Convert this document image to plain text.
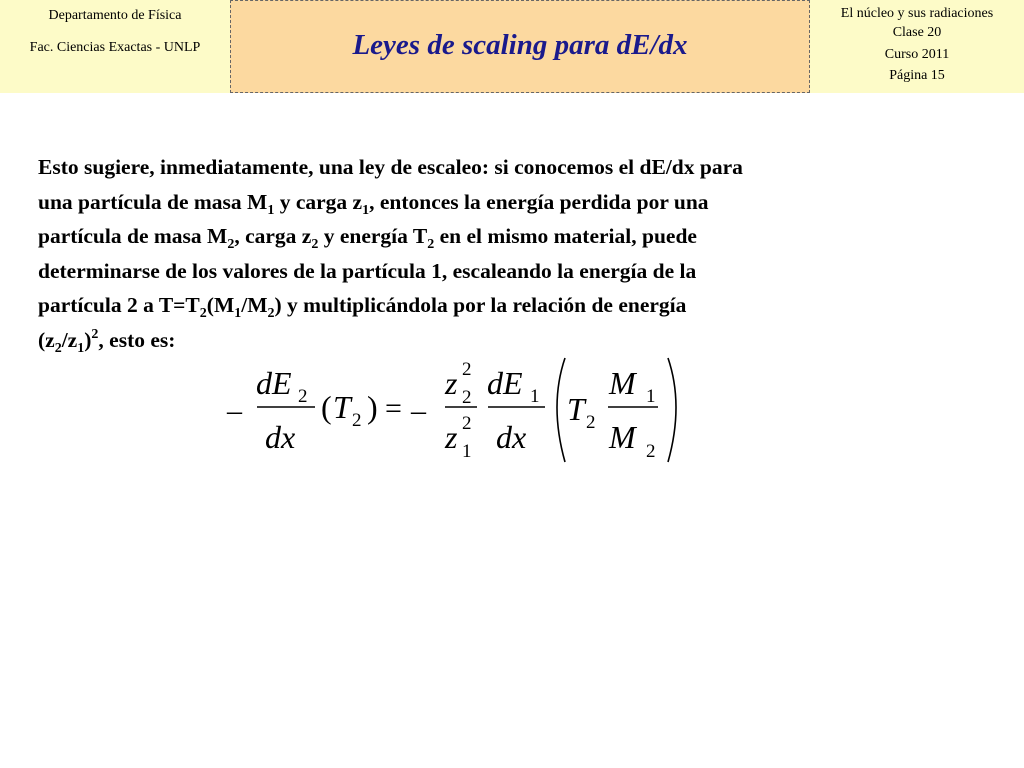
Departamento de Física
Fac. Ciencias Exactas - UNLP	Leyes de scaling para dE/dx
El núcleo y sus radiaciones
Clase 20
Curso 2011
Página 15
Esto sugiere, inmediatamente, una ley de escaleo: si conocemos el dE/dx para
una partícula de masa $M_1$ y carga $z_1$, entonces la energía perdida por una
partícula de masa $M_2$, carga $z_2$ y energía $T_2$ en el mismo material, puede
determinarse de los valores de la partícula 1, escaleando la energía de la
partícula 2 a $T=T_2(M_1/M_2)$ y multiplicándola por la relación de energía
$(z_2/z_1)^2$, esto es:
–
dE 2
dx
( T 2 ) = –
z 2
2
z 2
1
dE 1
dx
T 2
M 1
M 2
